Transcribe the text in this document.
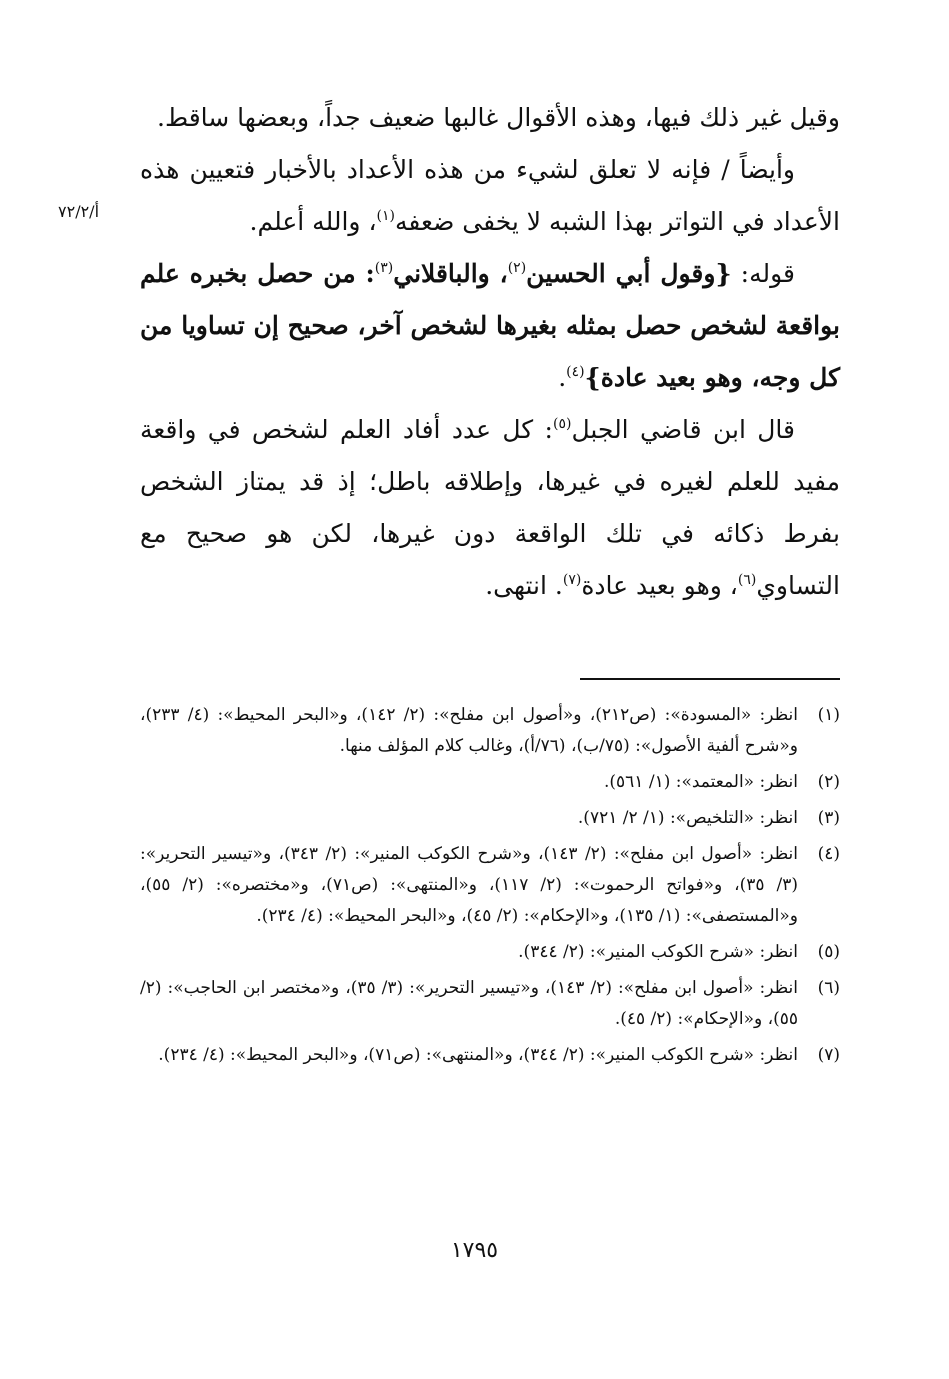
أ/٧٢/٢

وقيل غير ذلك فيها، وهذه الأقوال غالبها ضعيف جداً، وبعضها ساقط.

وأيضاً / فإنه لا تعلق لشيء من هذه الأعداد بالأخبار فتعيين هذه الأعداد في التواتر بهذا الشبه لا يخفى ضعفه$^{(١)}$، والله أعلم.

قوله: {وقول أبي الحسين$^{(٢)}$، والباقلاني$^{(٣)}$: من حصل بخبره علم بواقعة لشخص حصل بمثله بغيرها لشخص آخر، صحيح إن تساويا من كل وجه، وهو بعيد عادة}$^{(٤)}$.

قال ابن قاضي الجبل$^{(٥)}$: كل عدد أفاد العلم لشخص في واقعة مفيد للعلم لغيره في غيرها، وإطلاقه باطل؛ إذ قد يمتاز الشخص بفرط ذكائه في تلك الواقعة دون غيرها، لكن هو صحيح مع التساوي$^{(٦)}$، وهو بعيد عادة$^{(٧)}$. انتهى.

(١)
انظر: «المسودة»: (ص٢١٢)، و«أصول ابن مفلح»: (٢/ ١٤٢)، و«البحر المحيط»: (٤/ ٢٣٣)، و«شرح ألفية الأصول»: (٧٥/ب)، (٧٦/أ)، وغالب كلام المؤلف منها.
(٢)
انظر: «المعتمد»: (١/ ٥٦١).
(٣)
انظر: «التلخيص»: (١/ ٢/ ٧٢١).
(٤)
انظر: «أصول ابن مفلح»: (٢/ ١٤٣)، و«شرح الكوكب المنير»: (٢/ ٣٤٣)، و«تيسير التحرير»: (٣/ ٣٥)، و«فواتح الرحموت»: (٢/ ١١٧)، و«المنتهى»: (ص٧١)، و«مختصره»: (٢/ ٥٥)، و«المستصفى»: (١/ ١٣٥)، و«الإحكام»: (٢/ ٤٥)، و«البحر المحيط»: (٤/ ٢٣٤).
(٥)
انظر: «شرح الكوكب المنير»: (٢/ ٣٤٤).
(٦)
انظر: «أصول ابن مفلح»: (٢/ ١٤٣)، و«تيسير التحرير»: (٣/ ٣٥)، و«مختصر ابن الحاجب»: (٢/ ٥٥)، و«الإحكام»: (٢/ ٤٥).
(٧)
انظر: «شرح الكوكب المنير»: (٢/ ٣٤٤)، و«المنتهى»: (ص٧١)، و«البحر المحيط»: (٤/ ٢٣٤).
١٧٩٥
